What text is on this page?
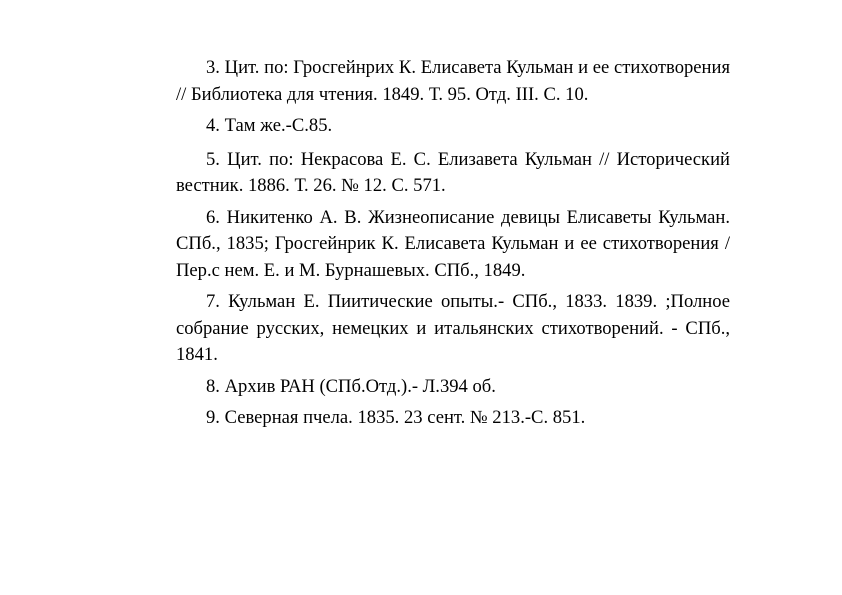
3. Цит. по: Гросгейнрих К. Елисавета Кульман и ее стихотворения // Библиотека для чтения. 1849. Т. 95. Отд. III. С. 10.

4. Там же.-С.85.

5. Цит. по: Некрасова Е. С. Елизавета Кульман // Исторический вестник. 1886. Т. 26. № 12. С. 571.

6. Никитенко А. В. Жизнеописание девицы Елисаветы Кульман. СПб., 1835; Гросгейнрик К. Елисавета Кульман и ее стихотворения / Пер.с нем. Е. и М. Бурнашевых. СПб., 1849.

7. Кульман Е. Пиитические опыты.- СПб., 1833. 1839. ;Полное собрание русских, немецких и итальянских стихотворений. - СПб., 1841.

8. Архив РАН (СПб.Отд.).- Л.394 об.

9. Северная пчела. 1835. 23 сент. № 213.-С. 851.
